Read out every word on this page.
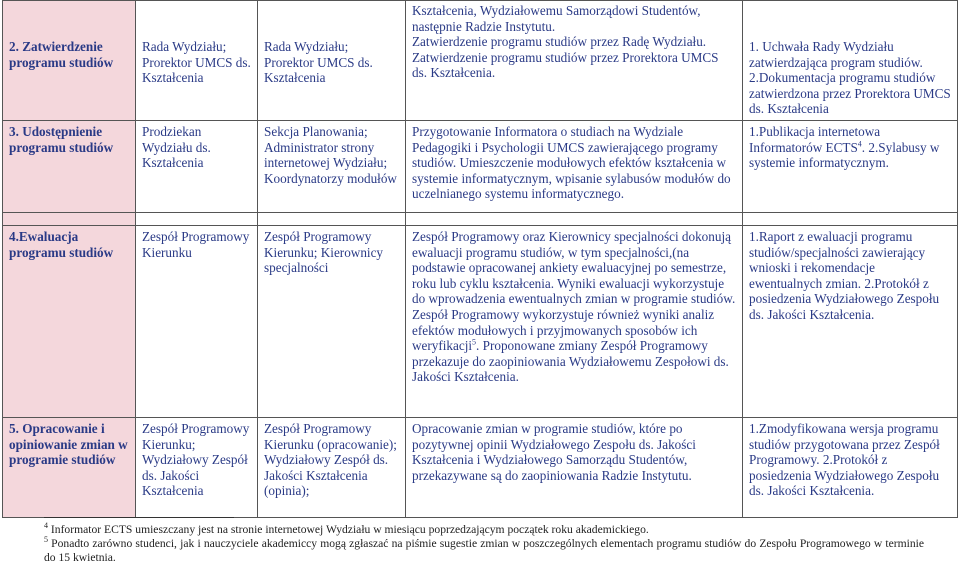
2. Zatwierdzenie programu studiów	Rada Wydziału; Prorektor UMCS ds. Kształcenia	Rada Wydziału; Prorektor UMCS ds. Kształcenia	Kształcenia, Wydziałowemu Samorządowi Studentów, następnie Radzie Instytutu.
Zatwierdzenie programu studiów przez Radę Wydziału. Zatwierdzenie programu studiów przez Prorektora UMCS ds. Kształcenia.	1. Uchwała Rady Wydziału zatwierdzająca program studiów. 2.Dokumentacja programu studiów zatwierdzona przez Prorektora UMCS ds. Kształcenia
3. Udostępnienie programu studiów	Prodziekan Wydziału ds. Kształcenia	Sekcja Planowania; Administrator strony internetowej Wydziału; Koordynatorzy modułów	Przygotowanie Informatora o studiach na Wydziale Pedagogiki i Psychologii UMCS zawierającego programy studiów. Umieszczenie modułowych efektów kształcenia w systemie informatycznym, wpisanie sylabusów modułów do uczelnianego systemu informatycznego.	1.Publikacja internetowa Informatorów ECTS$^4$. 2.Sylabusy w systemie informatycznym.

4.Ewaluacja programu studiów	Zespół Programowy Kierunku	Zespół Programowy Kierunku; Kierownicy specjalności	Zespół Programowy oraz Kierownicy specjalności dokonują ewaluacji programu studiów, w tym specjalności,(na podstawie opracowanej ankiety ewaluacyjnej po semestrze, roku lub cyklu kształcenia. Wyniki ewaluacji wykorzystuje do wprowadzenia ewentualnych zmian w programie studiów. Zespół Programowy wykorzystuje również wyniki analiz efektów modułowych i przyjmowanych sposobów ich weryfikacji$^5$. Proponowane zmiany Zespół Programowy przekazuje do zaopiniowania Wydziałowemu Zespołowi ds. Jakości Kształcenia.	1.Raport z ewaluacji programu studiów/specjalności zawierający wnioski i rekomendacje ewentualnych zmian. 2.Protokół z posiedzenia Wydziałowego Zespołu ds. Jakości Kształcenia.
5. Opracowanie i opiniowanie zmian w programie studiów	Zespół Programowy Kierunku; Wydziałowy Zespół ds. Jakości Kształcenia	Zespół Programowy Kierunku (opracowanie); Wydziałowy Zespół ds. Jakości Kształcenia (opinia);	Opracowanie zmian w programie studiów, które po pozytywnej opinii Wydziałowego Zespołu ds. Jakości Kształcenia i Wydziałowego Samorządu Studentów, przekazywane są do zaopiniowania Radzie Instytutu.	1.Zmodyfikowana wersja programu studiów przygotowana przez Zespół Programowy. 2.Protokół z posiedzenia Wydziałowego Zespołu ds. Jakości Kształcenia.

$^4$ Informator ECTS umieszczany jest na stronie internetowej Wydziału w miesiącu poprzedzającym początek roku akademickiego.

$^5$ Ponadto zarówno studenci, jak i nauczyciele akademiccy mogą zgłaszać na piśmie sugestie zmian w poszczególnych elementach programu studiów do Zespołu Programowego w terminie do 15 kwietnia.
